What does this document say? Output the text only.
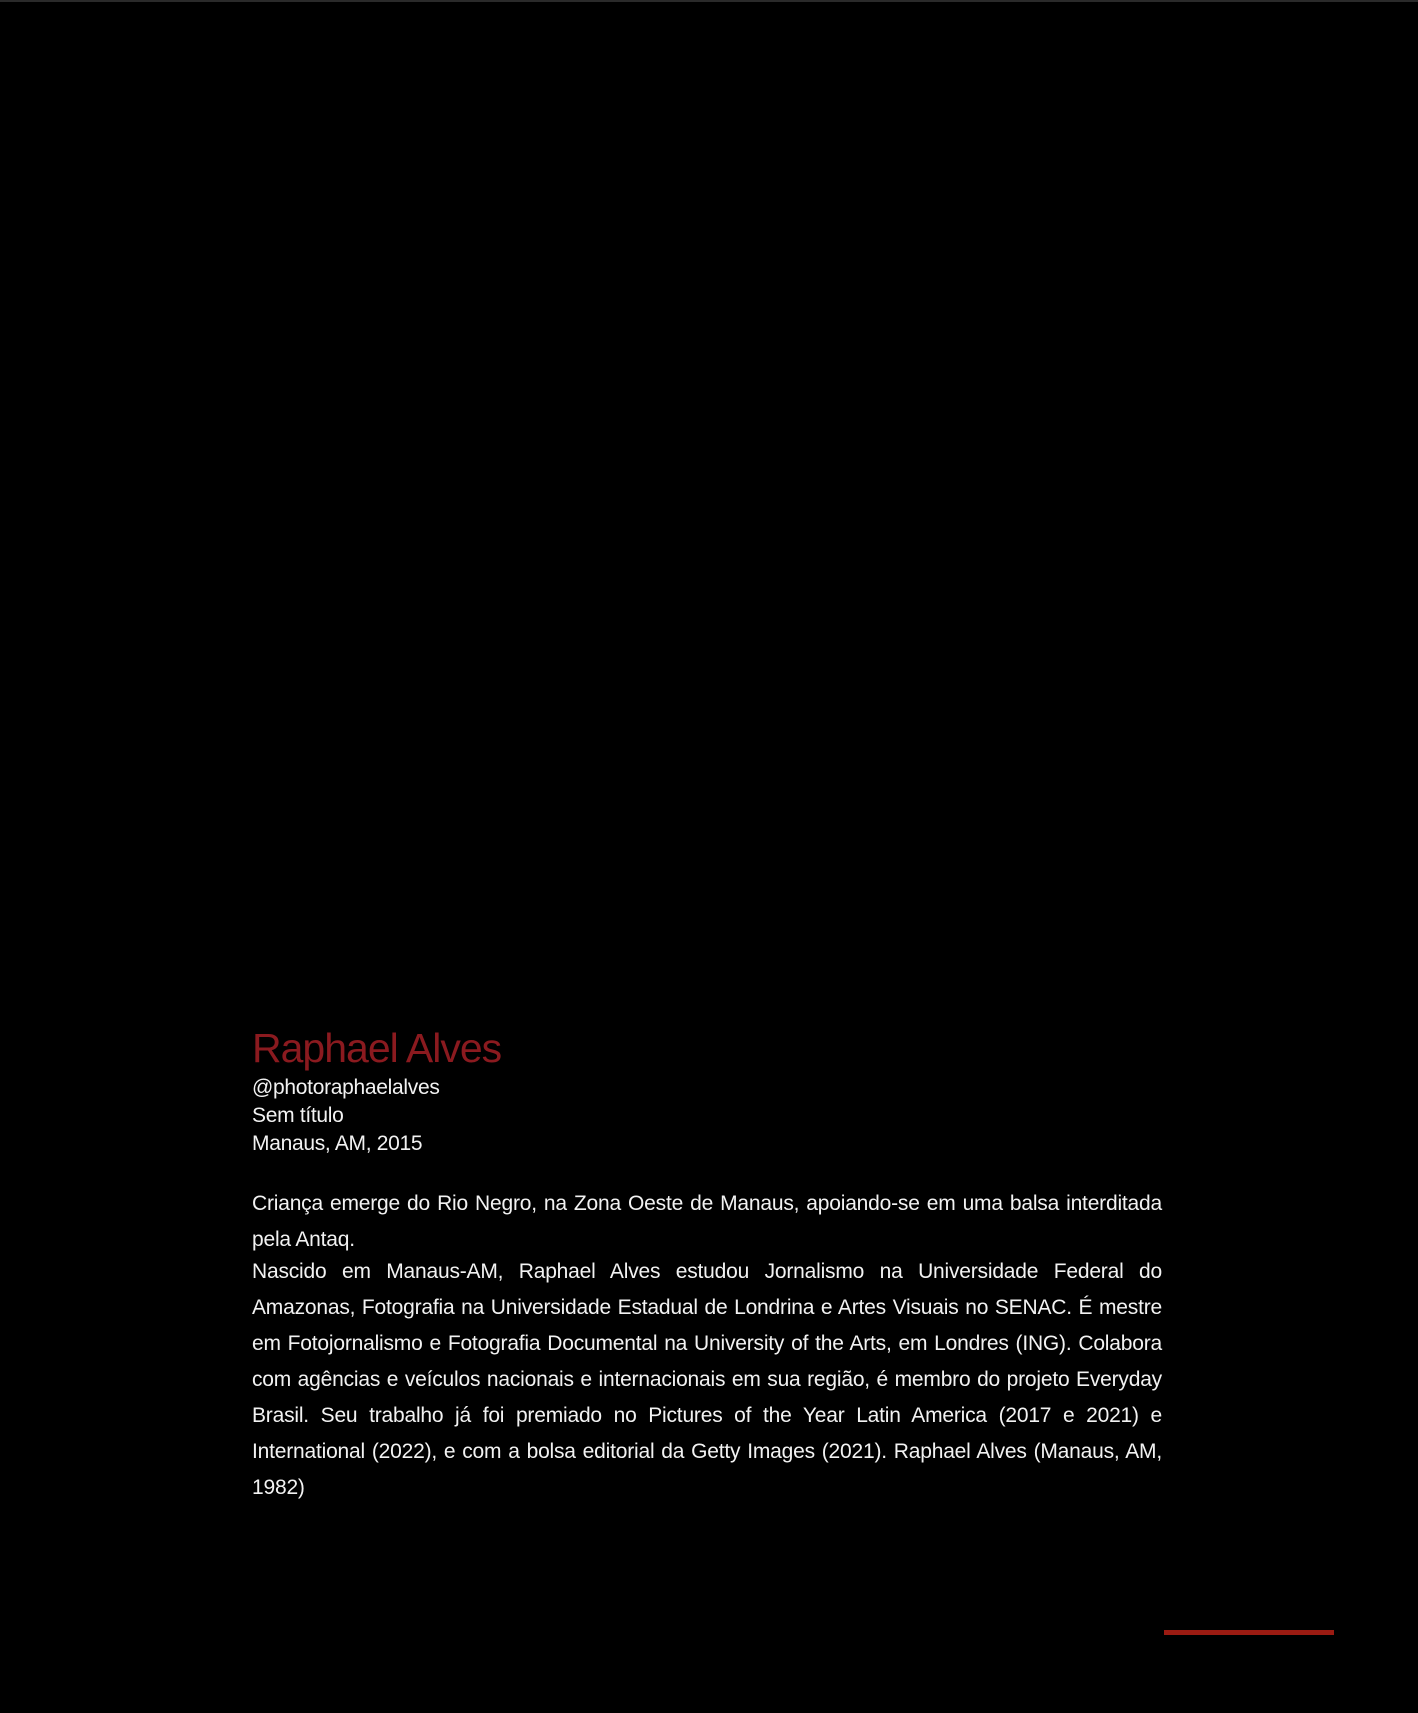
Raphael Alves

@photoraphaelalves

Sem título

Manaus, AM, 2015

Criança emerge do Rio Negro, na Zona Oeste de Manaus, apoiando-se em uma balsa interditada pela Antaq.

Nascido em Manaus-AM, Raphael Alves estudou Jornalismo na Universidade Federal do Amazonas, Fotografia na Universidade Estadual de Londrina e Artes Visuais no SENAC. É mestre em Fotojornalismo e Fotografia Documental na University of the Arts, em Londres (ING). Colabora com agências e veículos nacionais e internacionais em sua região, é membro do projeto Everyday Brasil. Seu trabalho já foi premiado no Pictures of the Year Latin America (2017 e 2021) e International (2022), e com a bolsa editorial da Getty Images (2021). Raphael Alves (Manaus, AM, 1982)
